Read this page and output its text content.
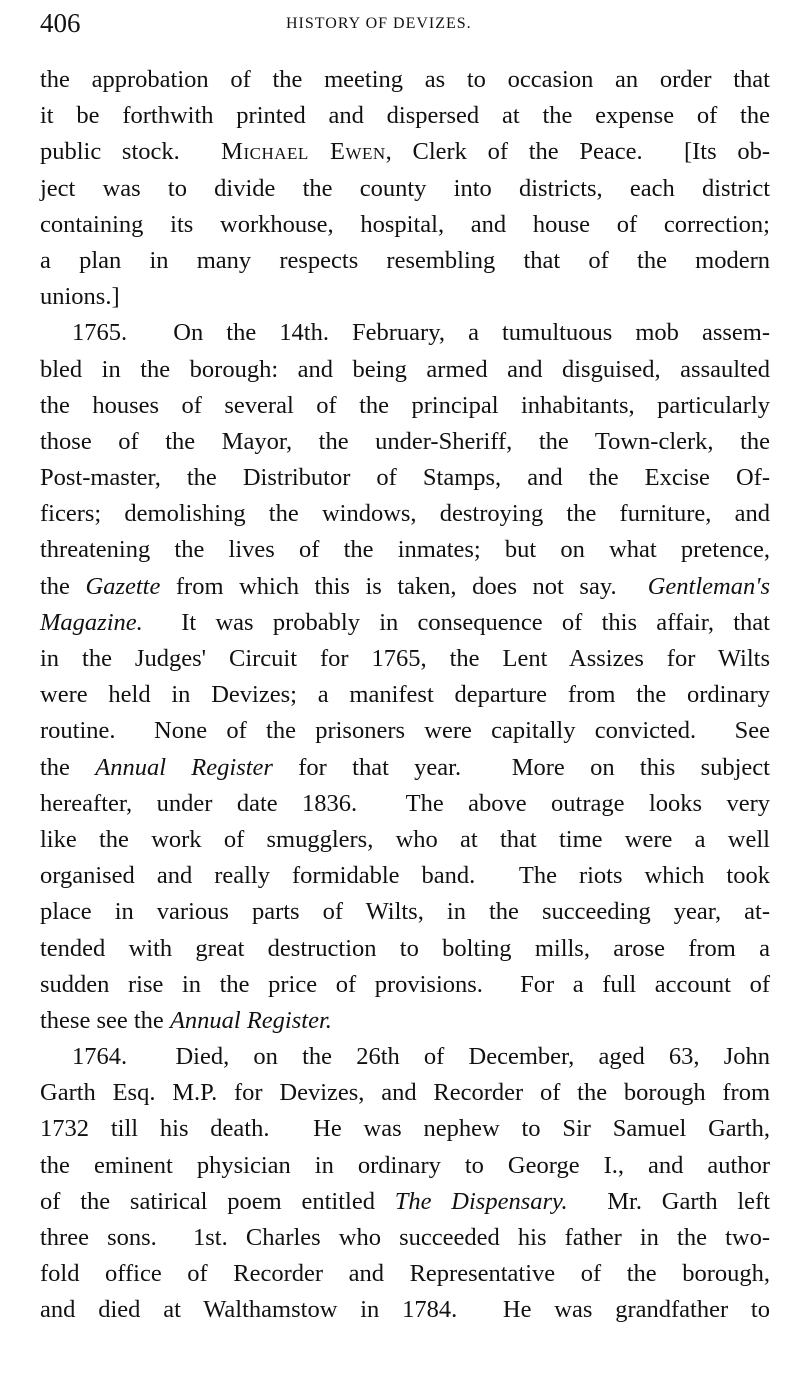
406	HISTORY OF DEVIZES.
the approbation of the meeting as to occasion an order that
it be forthwith printed and dispersed at the expense of the
public stock.  Michael Ewen, Clerk of the Peace.  [Its ob-
ject was to divide the county into districts, each district
containing its workhouse, hospital, and house of correction;
a plan in many respects resembling that of the modern
unions.]
1765.  On the 14th. February, a tumultuous mob assem-
bled in the borough: and being armed and disguised, assaulted
the houses of several of the principal inhabitants, particularly
those of the Mayor, the under-Sheriff, the Town-clerk, the
Post-master, the Distributor of Stamps, and the Excise Of-
ficers; demolishing the windows, destroying the furniture, and
threatening the lives of the inmates; but on what pretence,
the Gazette from which this is taken, does not say.  Gentleman's
Magazine.  It was probably in consequence of this affair, that
in the Judges' Circuit for 1765, the Lent Assizes for Wilts
were held in Devizes; a manifest departure from the ordinary
routine.  None of the prisoners were capitally convicted.  See
the Annual Register for that year.  More on this subject
hereafter, under date 1836.  The above outrage looks very
like the work of smugglers, who at that time were a well
organised and really formidable band.  The riots which took
place in various parts of Wilts, in the succeeding year, at-
tended with great destruction to bolting mills, arose from a
sudden rise in the price of provisions.  For a full account of
these see the Annual Register.
1764.  Died, on the 26th of December, aged 63, John
Garth Esq. M.P. for Devizes, and Recorder of the borough from
1732 till his death.  He was nephew to Sir Samuel Garth,
the eminent physician in ordinary to George I., and author
of the satirical poem entitled The Dispensary.  Mr. Garth left
three sons.  1st. Charles who succeeded his father in the two-
fold office of Recorder and Representative of the borough,
and died at Walthamstow in 1784.  He was grandfather to
